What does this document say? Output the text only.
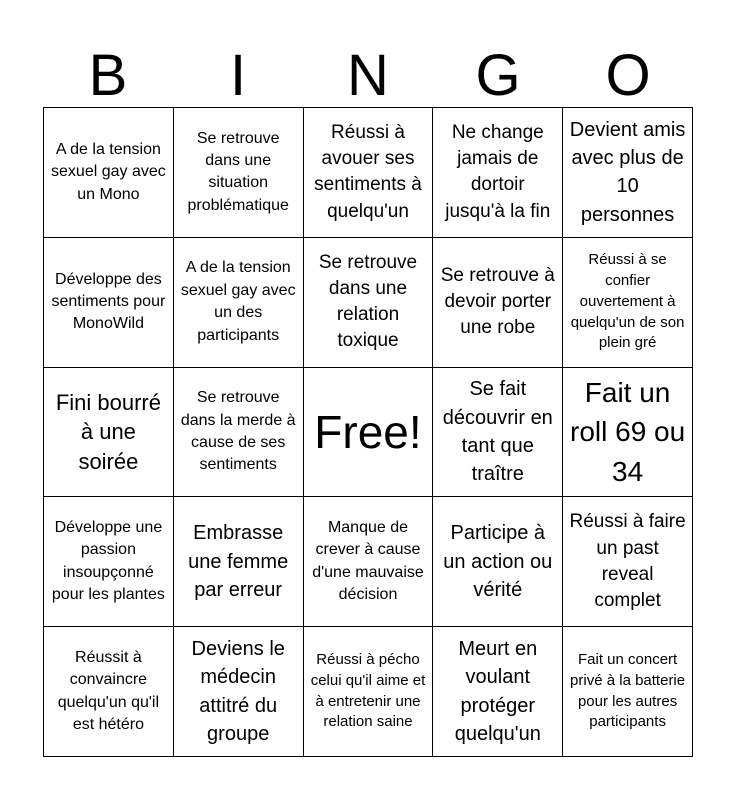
B	I	N	G	O
A de la tension sexuel gay avec un Mono
Se retrouve dans une situation problématique
Réussi à avouer ses sentiments à quelqu'un
Ne change jamais de dortoir jusqu'à la fin
Devient amis avec plus de 10 personnes
Développe des sentiments pour MonoWild
A de la tension sexuel gay avec un des participants
Se retrouve dans une relation toxique
Se retrouve à devoir porter une robe
Réussi à se confier ouvertement à quelqu'un de son plein gré
Fini bourré à une soirée
Se retrouve dans la merde à cause de ses sentiments
Free!
Se fait découvrir en tant que traître
Fait un roll 69 ou 34
Développe une passion insoupçonné pour les plantes
Embrasse une femme par erreur
Manque de crever à cause d'une mauvaise décision
Participe à un action ou vérité
Réussi à faire un past reveal complet
Réussit à convaincre quelqu'un qu'il est hétéro
Deviens le médecin attitré du groupe
Réussi à pécho celui qu'il aime et à entretenir une relation saine
Meurt en voulant protéger quelqu'un
Fait un concert privé à la batterie pour les autres participants
